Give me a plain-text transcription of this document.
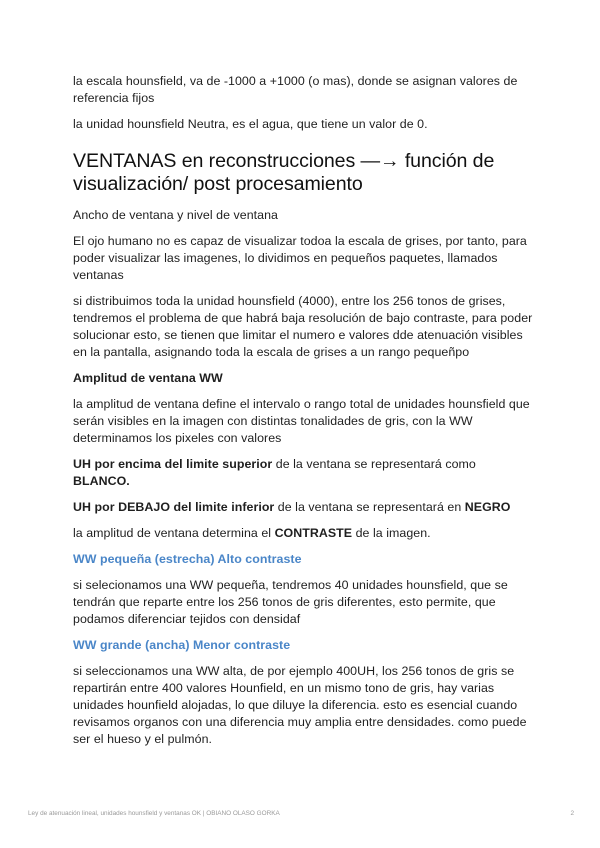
la escala hounsfield, va de -1000 a +1000 (o mas), donde se asignan valores de referencia fijos

la unidad hounsfield Neutra, es el agua, que tiene un valor de 0.

VENTANAS en reconstrucciones —→ función de visualización/ post procesamiento

Ancho de ventana y nivel de ventana

El ojo humano no es capaz de visualizar todoa la escala de grises, por tanto, para poder visualizar las imagenes, lo dividimos en pequeños paquetes, llamados ventanas

si distribuimos toda la unidad hounsfield (4000), entre los 256 tonos de grises, tendremos el problema de que habrá baja resolución de bajo contraste, para poder solucionar esto, se tienen que limitar el numero e valores dde atenuación visibles en la pantalla, asignando toda la escala de grises a un rango pequeñpo

Amplitud de ventana WW

la amplitud de ventana define el intervalo o rango total de unidades hounsfield que serán visibles en la imagen con distintas tonalidades de gris, con la WW determinamos los pixeles con valores

UH por encima del limite superior de la ventana se representará como BLANCO.

UH por DEBAJO del limite inferior de la ventana se representará en NEGRO

la amplitud de ventana determina el CONTRASTE de la imagen.

WW pequeña (estrecha) Alto contraste

si selecionamos una WW pequeña, tendremos 40 unidades hounsfield, que se tendrán que reparte entre los 256 tonos de gris diferentes, esto permite, que podamos diferenciar tejidos con densidaf

WW grande (ancha) Menor contraste

si seleccionamos una WW alta, de por ejemplo 400UH, los 256 tonos de gris se repartirán entre 400 valores Hounfield, en un mismo tono de gris, hay varias unidades hounfield alojadas, lo que diluye la diferencia. esto es esencial cuando revisamos organos con una diferencia muy amplia entre densidades. como puede ser el hueso y el pulmón.

Ley de atenuación lineal, unidades hounsfield y ventanas OK | OBIANO OLASO GORKA	2
